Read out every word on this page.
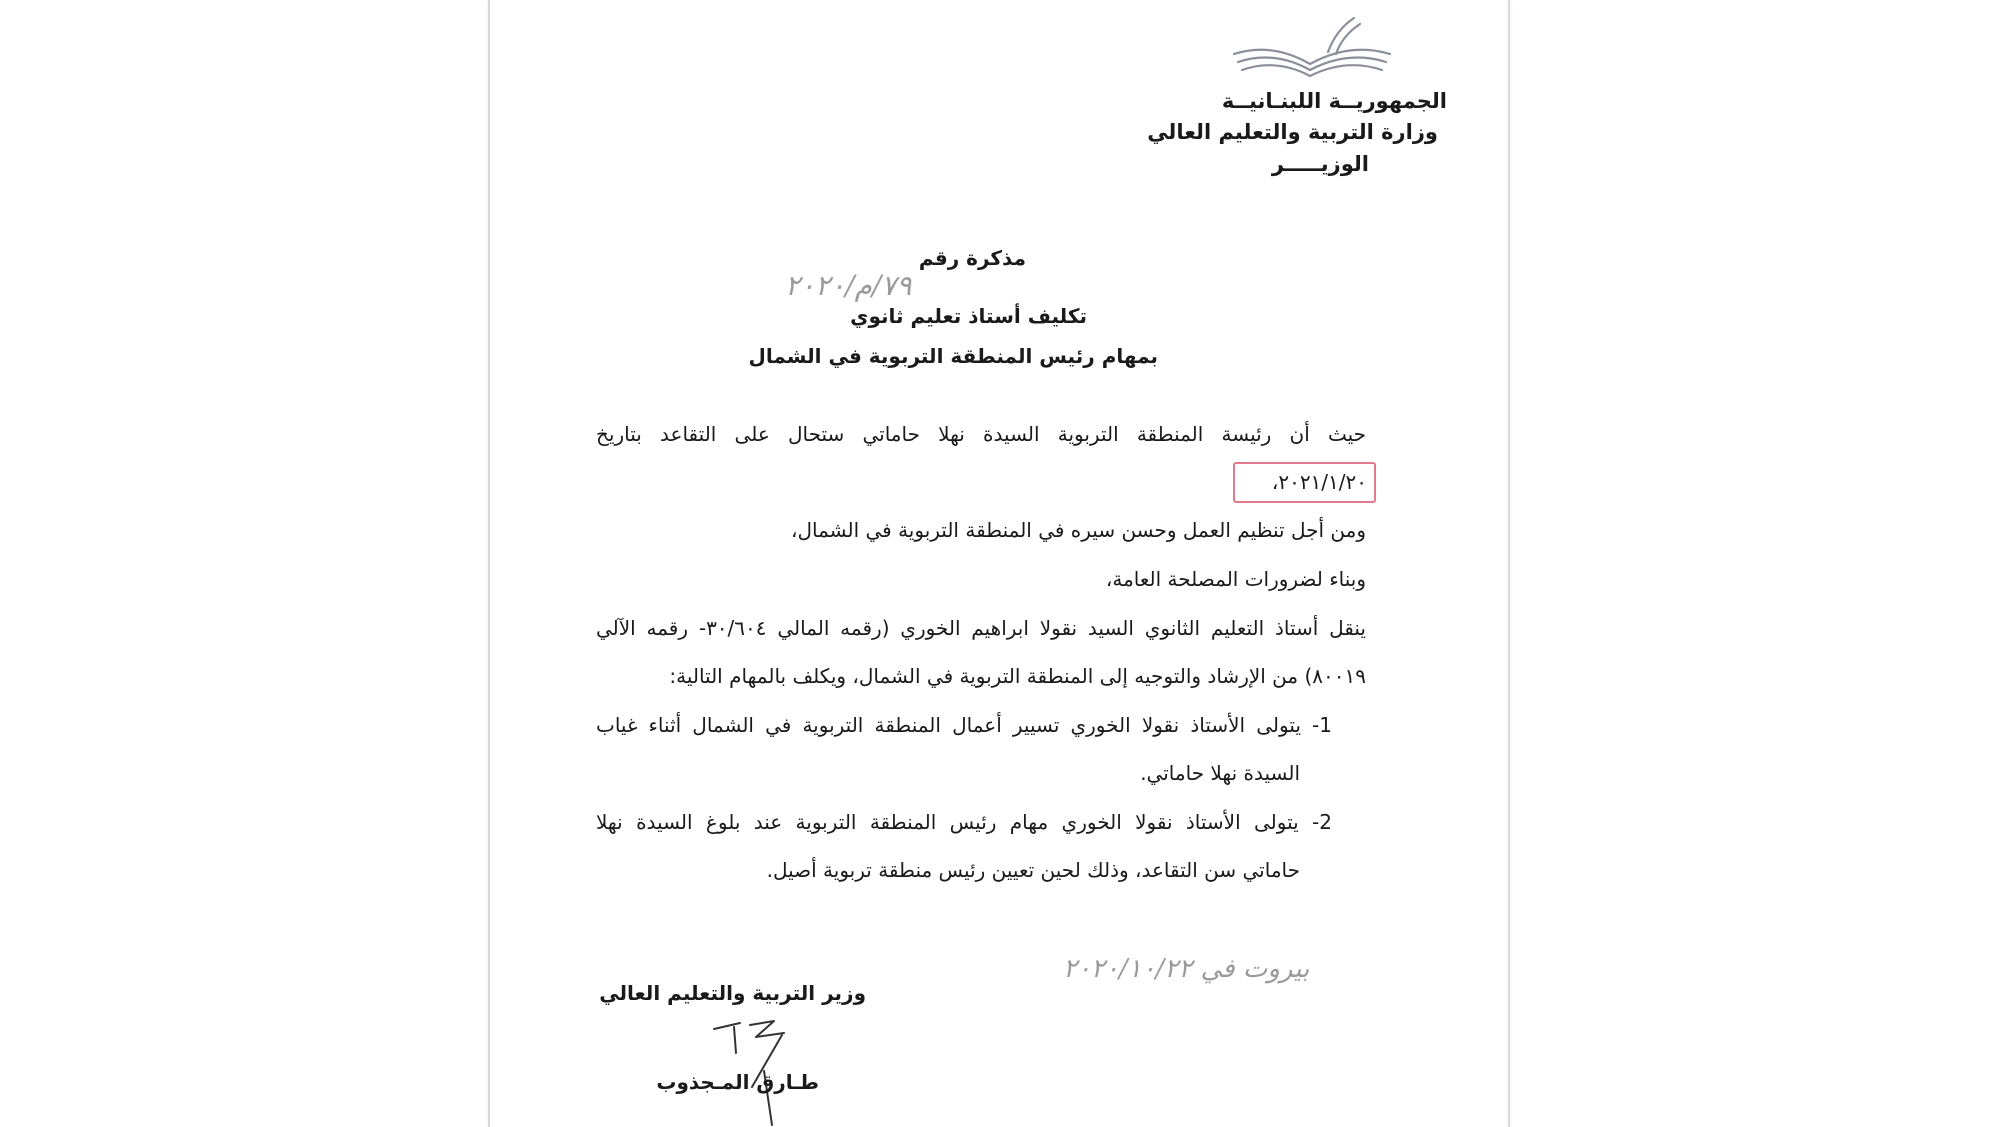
الجمهوريــة اللبنـانيــة

وزارة التربية والتعليم العالي

الوزيـــــر

مذكرة رقم

٧٩/م/٢٠٢٠

تكليف أستاذ تعليم ثانوي

بمهام رئيس المنطقة التربوية في الشمال

حيث أن رئيسة المنطقة التربوية السيدة نهلا حاماتي ستحال على التقاعد بتاريخ

٢٠٢١/١/٢٠،

ومن أجل تنظيم العمل وحسن سيره في المنطقة التربوية في الشمال،

وبناء لضرورات المصلحة العامة،

ينقل أستاذ التعليم الثانوي السيد نقولا ابراهيم الخوري (رقمه المالي ٣٠/٦٠٤- رقمه الآلي

٨٠٠١٩) من الإرشاد والتوجيه إلى المنطقة التربوية في الشمال، ويكلف بالمهام التالية:

1- يتولى الأستاذ نقولا الخوري تسيير أعمال المنطقة التربوية في الشمال أثناء غياب

السيدة نهلا حاماتي.

2- يتولى الأستاذ نقولا الخوري مهام رئيس المنطقة التربوية عند بلوغ السيدة نهلا

حاماتي سن التقاعد، وذلك لحين تعيين رئيس منطقة تربوية أصيل.

بيروت في ٢٠٢٠/١٠/٢٢

وزير التربية والتعليم العالي

طـارق المـجذوب
